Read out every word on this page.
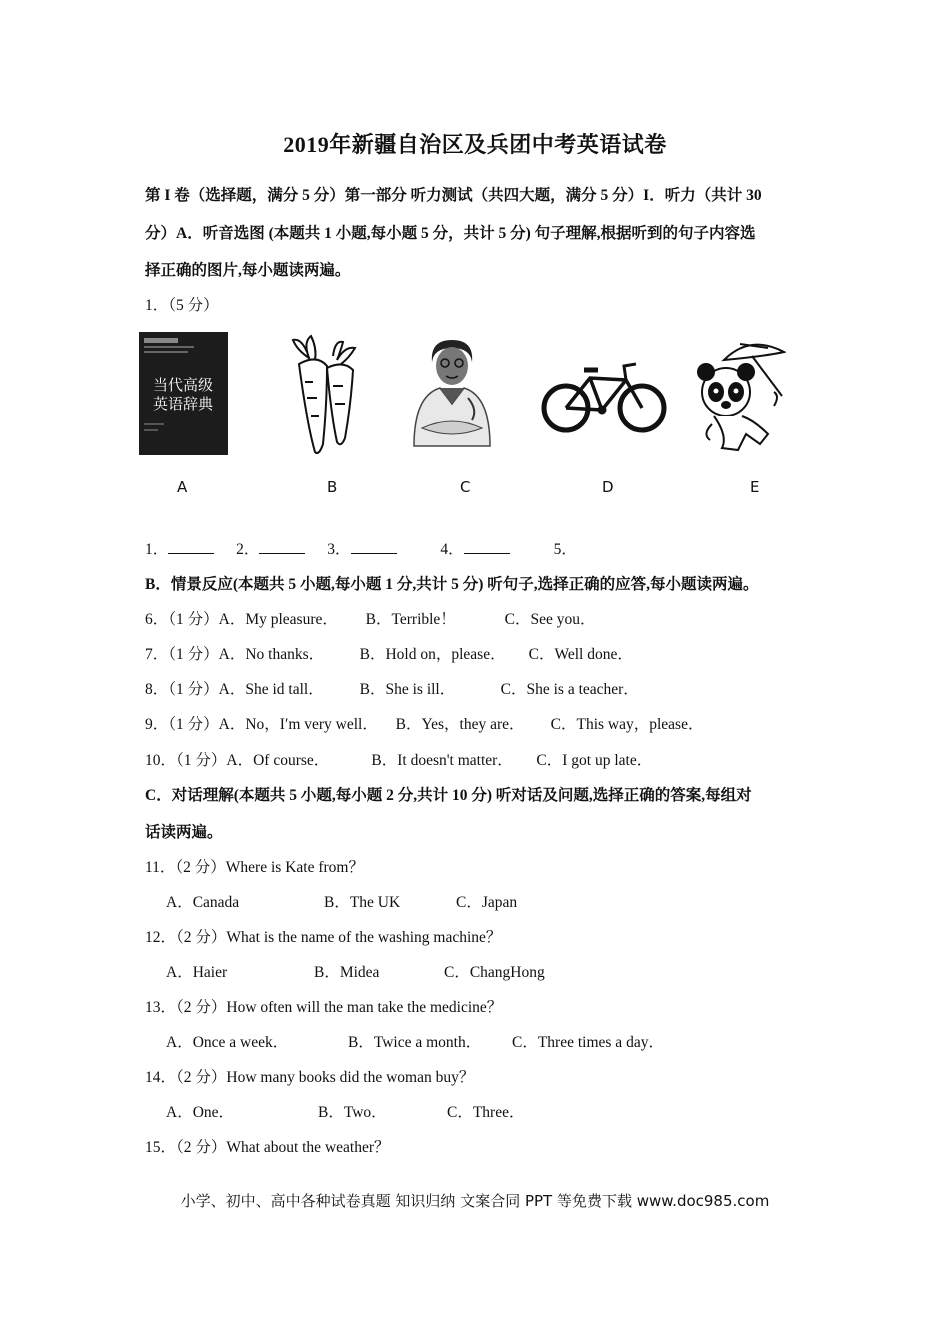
2019年新疆自治区及兵团中考英语试卷
第 I 卷（选择题，满分 5 分）第一部分 听力测试（共四大题，满分 5 分）I．听力（共计 30
分）A．听音选图 (本题共 1 小题,每小题 5 分，共计 5 分) 句子理解,根据听到的句子内容选
择正确的图片,每小题读两遍。
1．（5 分）
当代高级
英语辞典
A	B	C	D	E
1．	2．	3．	4．	5．
B．情景反应(本题共 5 小题,每小题 1 分,共计 5 分) 听句子,选择正确的应答,每小题读两遍。
6．（1 分）A．My pleasure． B．Terrible！	C．See you．
7．（1 分）A．No thanks． B．Hold on，please． C．Well done．
8．（1 分）A．She id tall． B．She is ill．	C．She is a teacher．
9．（1 分）A．No，I′m very well． B．Yes，they are． C．This way，please．
10．（1 分）A．Of course．	B．It doesn't matter． C．I got up late．
C．对话理解(本题共 5 小题,每小题 2 分,共计 10 分) 听对话及问题,选择正确的答案,每组对
话读两遍。
11．（2 分）Where is Kate from？
A．Canada	B．The UK	C．Japan
12．（2 分）What is the name of the washing machine？
A．Haier	B．Midea	C．ChangHong
13．（2 分）How often will the man take the medicine？
A．Once a week．	B．Twice a month． C．Three times a day．
14．（2 分）How many books did the woman buy？
A．One．	B．Two．	C．Three．
15．（2 分）What about the weather？
小学、初中、高中各种试卷真题 知识归纳 文案合同 PPT 等免费下载 www.doc985.com
